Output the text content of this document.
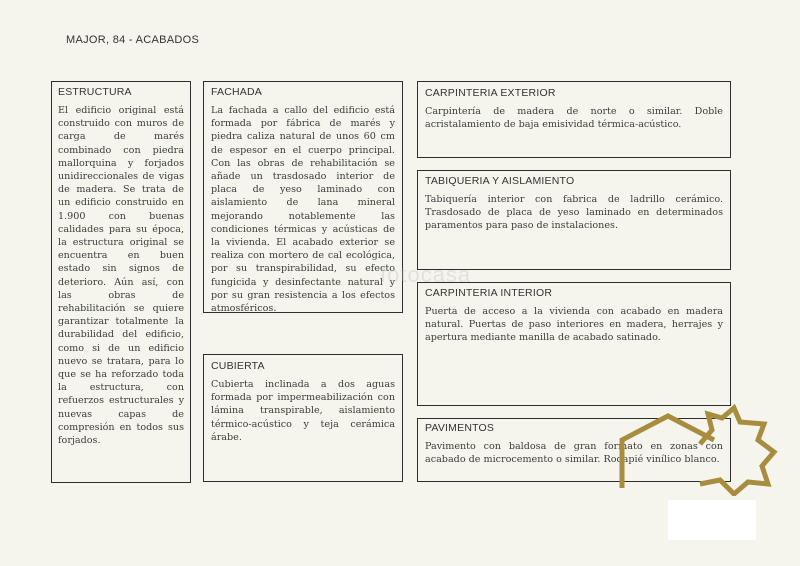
MAJOR, 84 - ACABADOS
ESTRUCTURA

El edificio original está construido con muros de carga de marés combinado con piedra mallorquina y forjados unidireccionales de vigas de madera. Se trata de un edificio construido en 1.900 con buenas calidades para su época, la estructura original se encuentra en buen estado sin signos de deterioro. Aún así, con las obras de rehabilitación se quiere garantizar totalmente la durabilidad del edificio, como si de un edificio nuevo se tratara, para lo que se ha reforzado toda la estructura, con refuerzos estructurales y nuevas capas de compresión en todos sus forjados.

FACHADA

La fachada a callo del edificio está formada por fábrica de marés y piedra caliza natural de unos 60 cm de espesor en el cuerpo principal. Con las obras de rehabilitación se añade un trasdosado interior de placa de yeso laminado con aislamiento de lana mineral mejorando notablemente las condiciones térmicas y acústicas de la vivienda. El acabado exterior se realiza con mortero de cal ecológica, por su transpirabilidad, su efecto fungicida y desinfectante natural y por su gran resistencia a los efectos atmosféricos.

CUBIERTA

Cubierta inclinada a dos aguas formada por impermeabilización con lámina transpirable, aislamiento térmico-acústico y teja cerámica árabe.

CARPINTERIA EXTERIOR

Carpintería de madera de norte o similar. Doble acristalamiento de baja emisividad térmica-acústico.

TABIQUERIA Y AISLAMIENTO

Tabiquería interior con fabrica de ladrillo cerámico. Trasdosado de placa de yeso laminado en determinados paramentos para paso de instalaciones.

CARPINTERIA INTERIOR

Puerta de acceso a la vivienda con acabado en madera natural. Puertas de paso interiores en madera, herrajes y apertura mediante manilla de acabado satinado.

PAVIMENTOS

Pavimento con baldosa de gran formato en zonas con acabado de microcemento o similar. Rodapié vinílico blanco.

fotocasa
